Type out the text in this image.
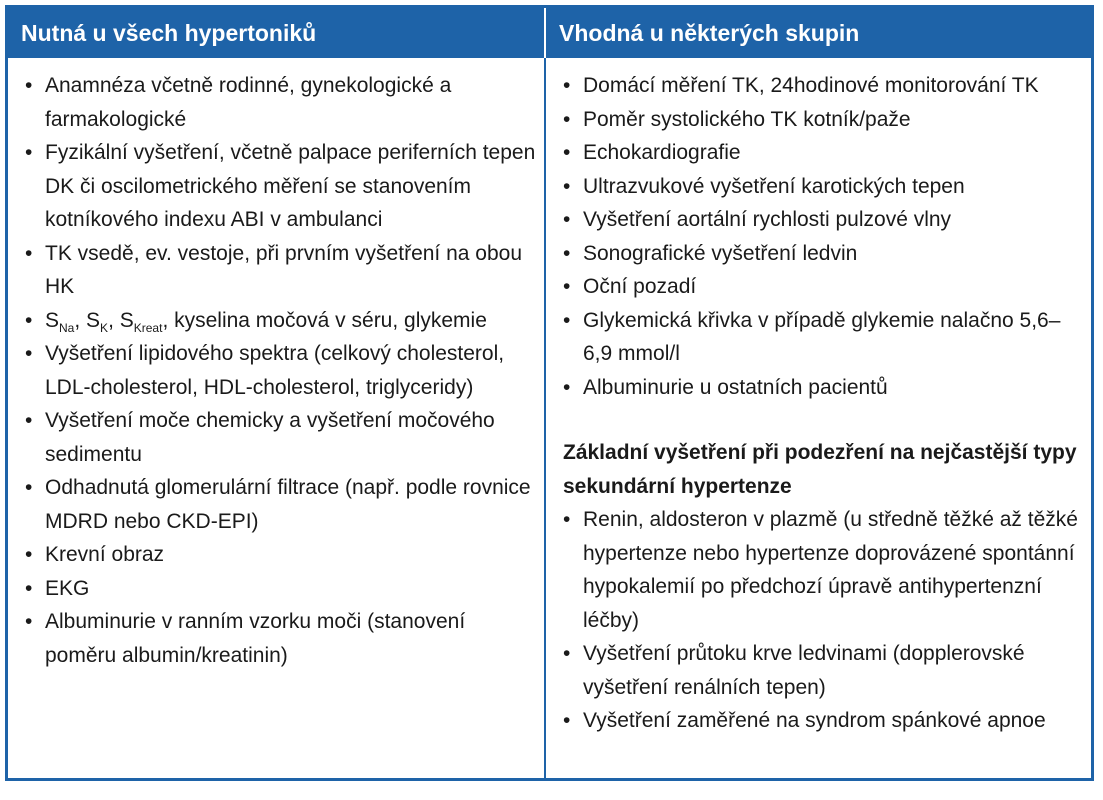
Nutná u všech hypertoniků	Vhodná u některých skupin
• Anamnéza včetně rodinné, gynekologické a farmakologické
• Fyzikální vyšetření, včetně palpace periferních tepen DK či oscilometrického měření se stanovením kotníkového indexu ABI v ambulanci
• TK vsedě, ev. vestoje, při prvním vyšetření na obou HK
• $S_{Na}$, $S_K$, $S_{Kreat}$, kyselina močová v séru, glykemie
• Vyšetření lipidového spektra (celkový cholesterol, LDL-cholesterol, HDL-cholesterol, triglyceridy)
• Vyšetření moče chemicky a vyšetření močového sedimentu
• Odhadnutá glomerulární filtrace (např. podle rovnice MDRD nebo CKD-EPI)
• Krevní obraz
• EKG
• Albuminurie v ranním vzorku moči (stanovení poměru albumin/kreatinin)
• Domácí měření TK, 24hodinové monitorování TK
• Poměr systolického TK kotník/paže
• Echokardiografie
• Ultrazvukové vyšetření karotických tepen
• Vyšetření aortální rychlosti pulzové vlny
• Sonografické vyšetření ledvin
• Oční pozadí
• Glykemická křivka v případě glykemie nalačno 5,6–6,9 mmol/l
• Albuminurie u ostatních pacientů
Základní vyšetření při podezření na nejčastější typy sekundární hypertenze
• Renin, aldosteron v plazmě (u středně těžké až těžké hypertenze nebo hypertenze doprovázené spontánní hypokalemií po předchozí úpravě antihypertenzní léčby)
• Vyšetření průtoku krve ledvinami (dopplerovské vyšetření renálních tepen)
• Vyšetření zaměřené na syndrom spánkové apnoe
